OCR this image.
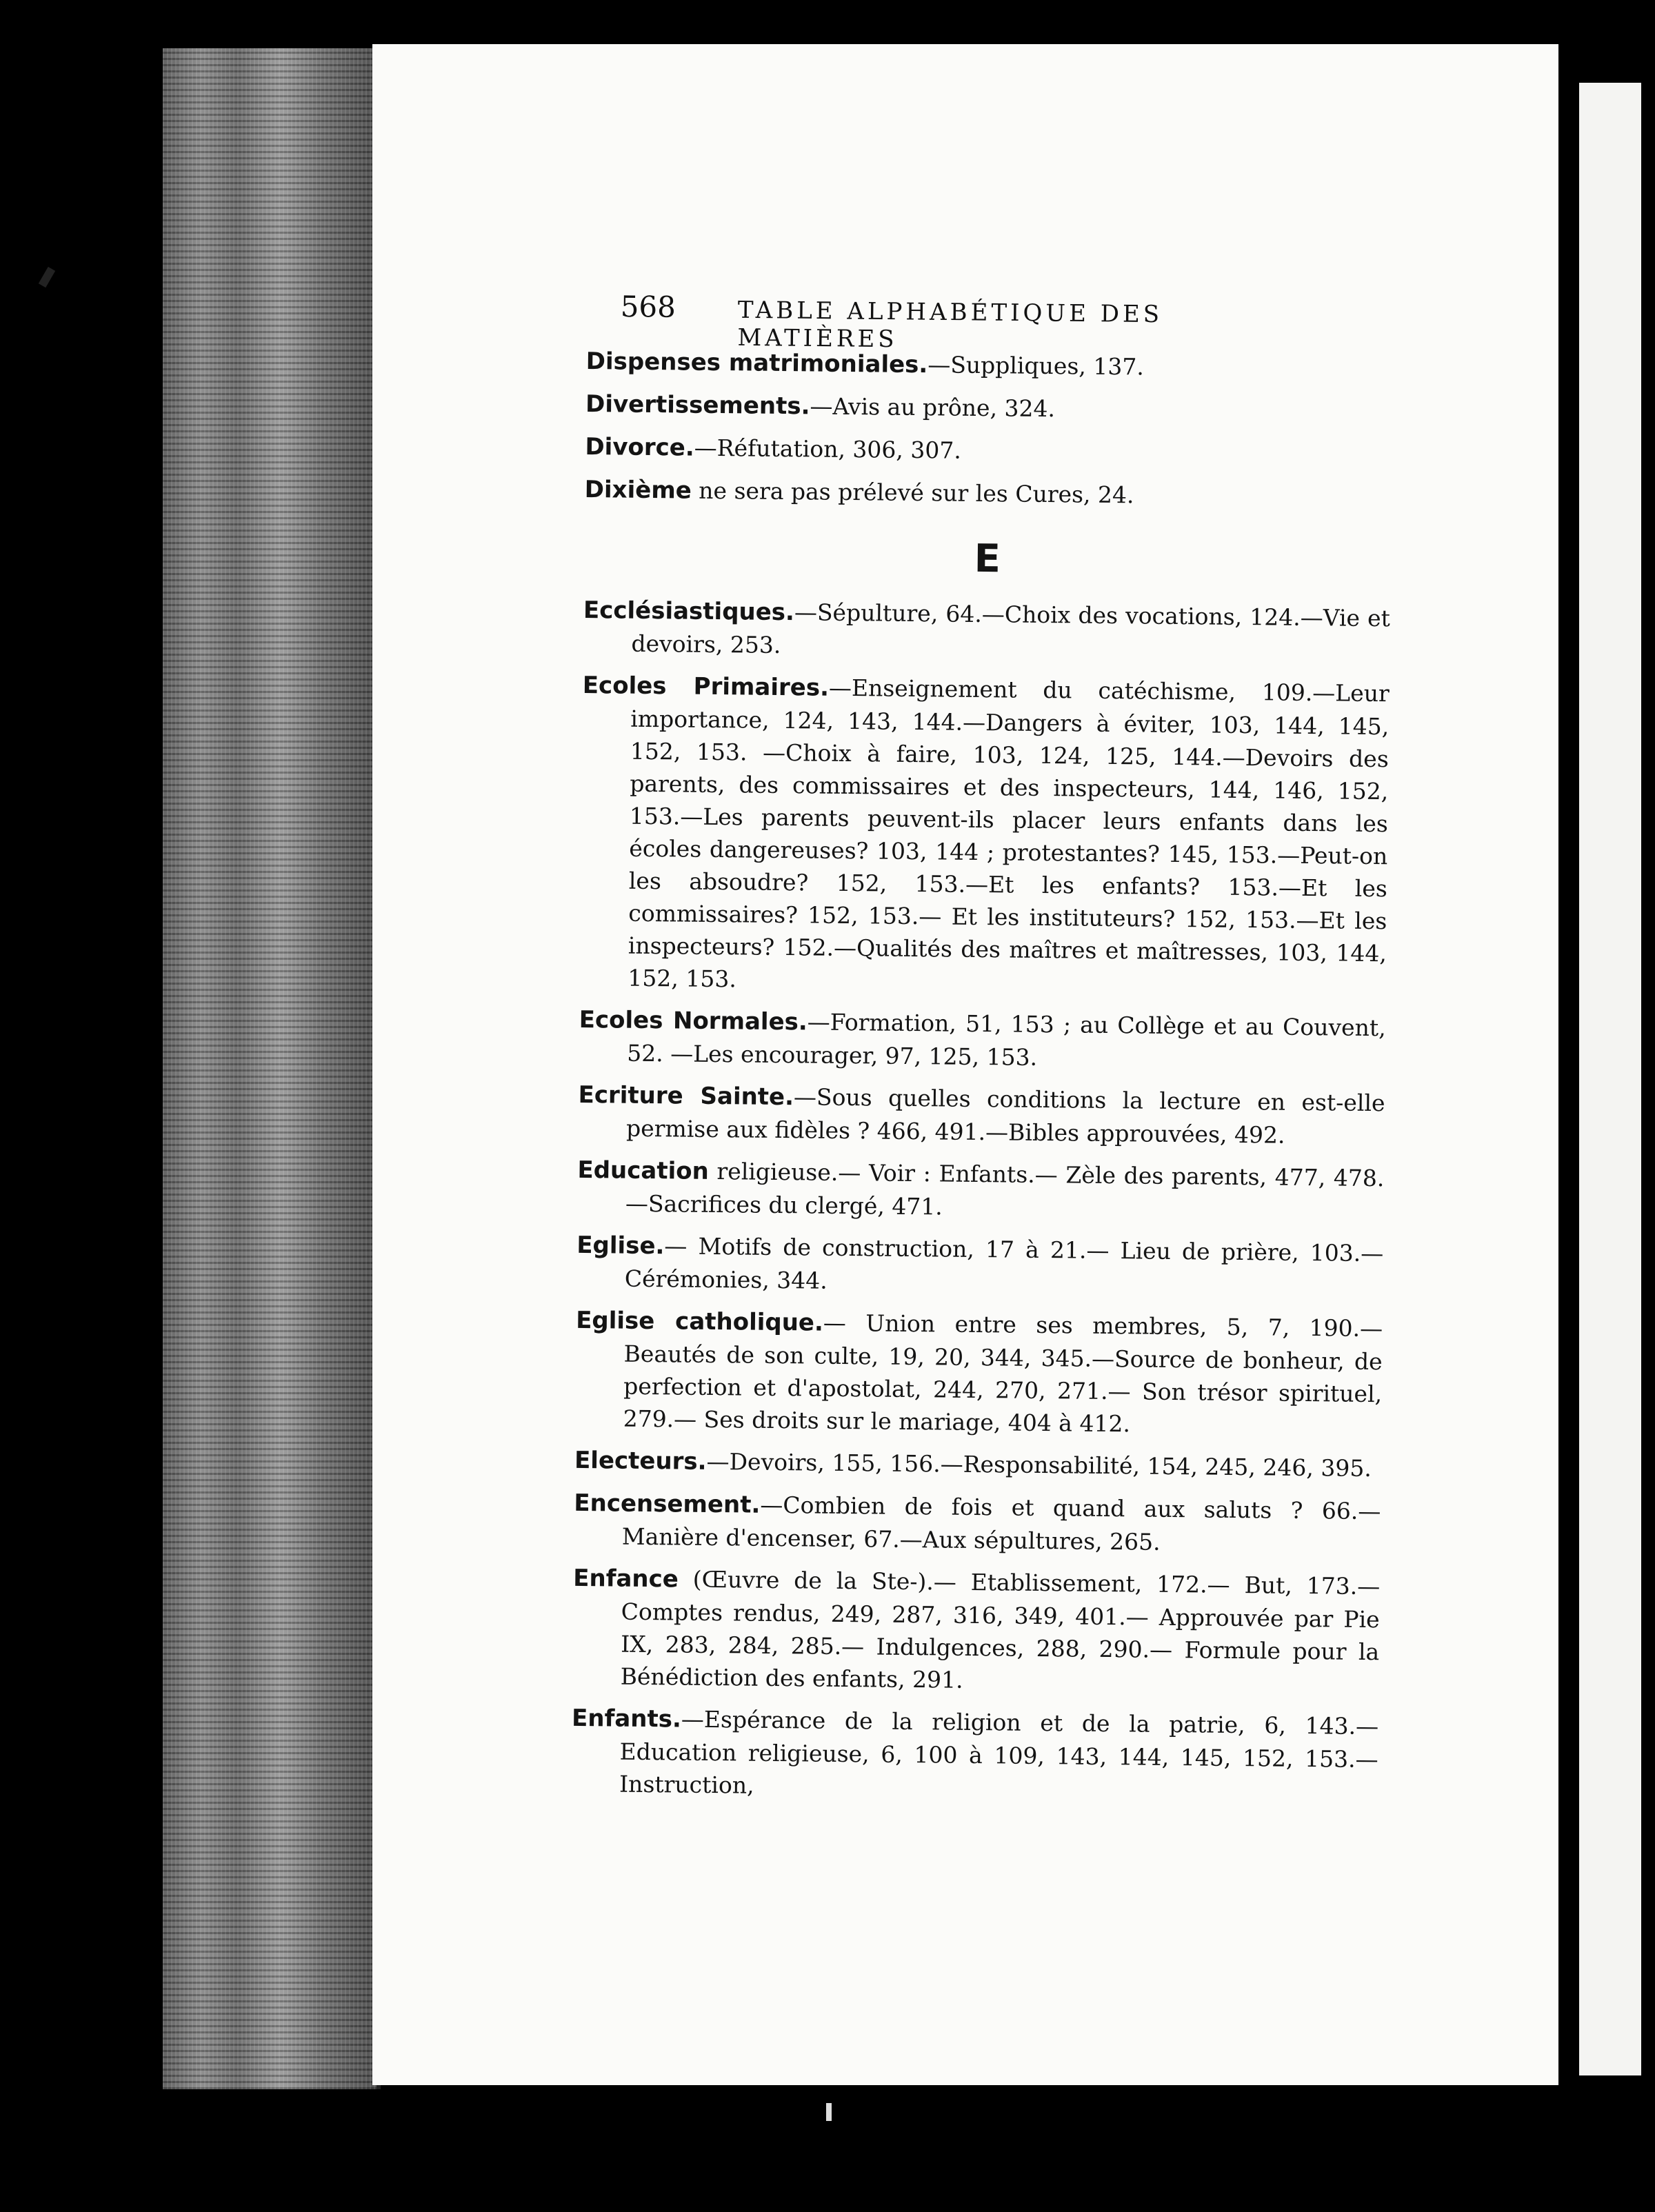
568	TABLE ALPHABÉTIQUE DES MATIÈRES
Dispenses matrimoniales.—Suppliques, 137.
Divertissements.—Avis au prône, 324.
Divorce.—Réfutation, 306, 307.
Dixième ne sera pas prélevé sur les Cures, 24.
E
Ecclésiastiques.—Sépulture, 64.—Choix des vocations, 124.—Vie et devoirs, 253.
Ecoles Primaires.—Enseignement du catéchisme, 109.—Leur importance, 124, 143, 144.—Dangers à éviter, 103, 144, 145, 152, 153. —Choix à faire, 103, 124, 125, 144.—Devoirs des parents, des commissaires et des inspecteurs, 144, 146, 152, 153.—Les parents peuvent-ils placer leurs enfants dans les écoles dangereuses? 103, 144 ; protestantes? 145, 153.—Peut-on les absoudre? 152, 153.—Et les enfants? 153.—Et les commissaires? 152, 153.— Et les instituteurs? 152, 153.—Et les inspecteurs? 152.—Qualités des maîtres et maîtresses, 103, 144, 152, 153.
Ecoles Normales.—Formation, 51, 153 ; au Collège et au Couvent, 52. —Les encourager, 97, 125, 153.
Ecriture Sainte.—Sous quelles conditions la lecture en est-elle permise aux fidèles ? 466, 491.—Bibles approuvées, 492.
Education religieuse.— Voir : Enfants.— Zèle des parents, 477, 478. —Sacrifices du clergé, 471.
Eglise.— Motifs de construction, 17 à 21.— Lieu de prière, 103.— Cérémonies, 344.
Eglise catholique.— Union entre ses membres, 5, 7, 190.— Beautés de son culte, 19, 20, 344, 345.—Source de bonheur, de perfection et d'apostolat, 244, 270, 271.— Son trésor spirituel, 279.— Ses droits sur le mariage, 404 à 412.
Electeurs.—Devoirs, 155, 156.—Responsabilité, 154, 245, 246, 395.
Encensement.—Combien de fois et quand aux saluts ? 66.—Manière d'encenser, 67.—Aux sépultures, 265.
Enfance (Œuvre de la Ste-).— Etablissement, 172.— But, 173.— Comptes rendus, 249, 287, 316, 349, 401.— Approuvée par Pie IX, 283, 284, 285.— Indulgences, 288, 290.— Formule pour la Bénédiction des enfants, 291.
Enfants.—Espérance de la religion et de la patrie, 6, 143.—Education religieuse, 6, 100 à 109, 143, 144, 145, 152, 153.— Instruction,
